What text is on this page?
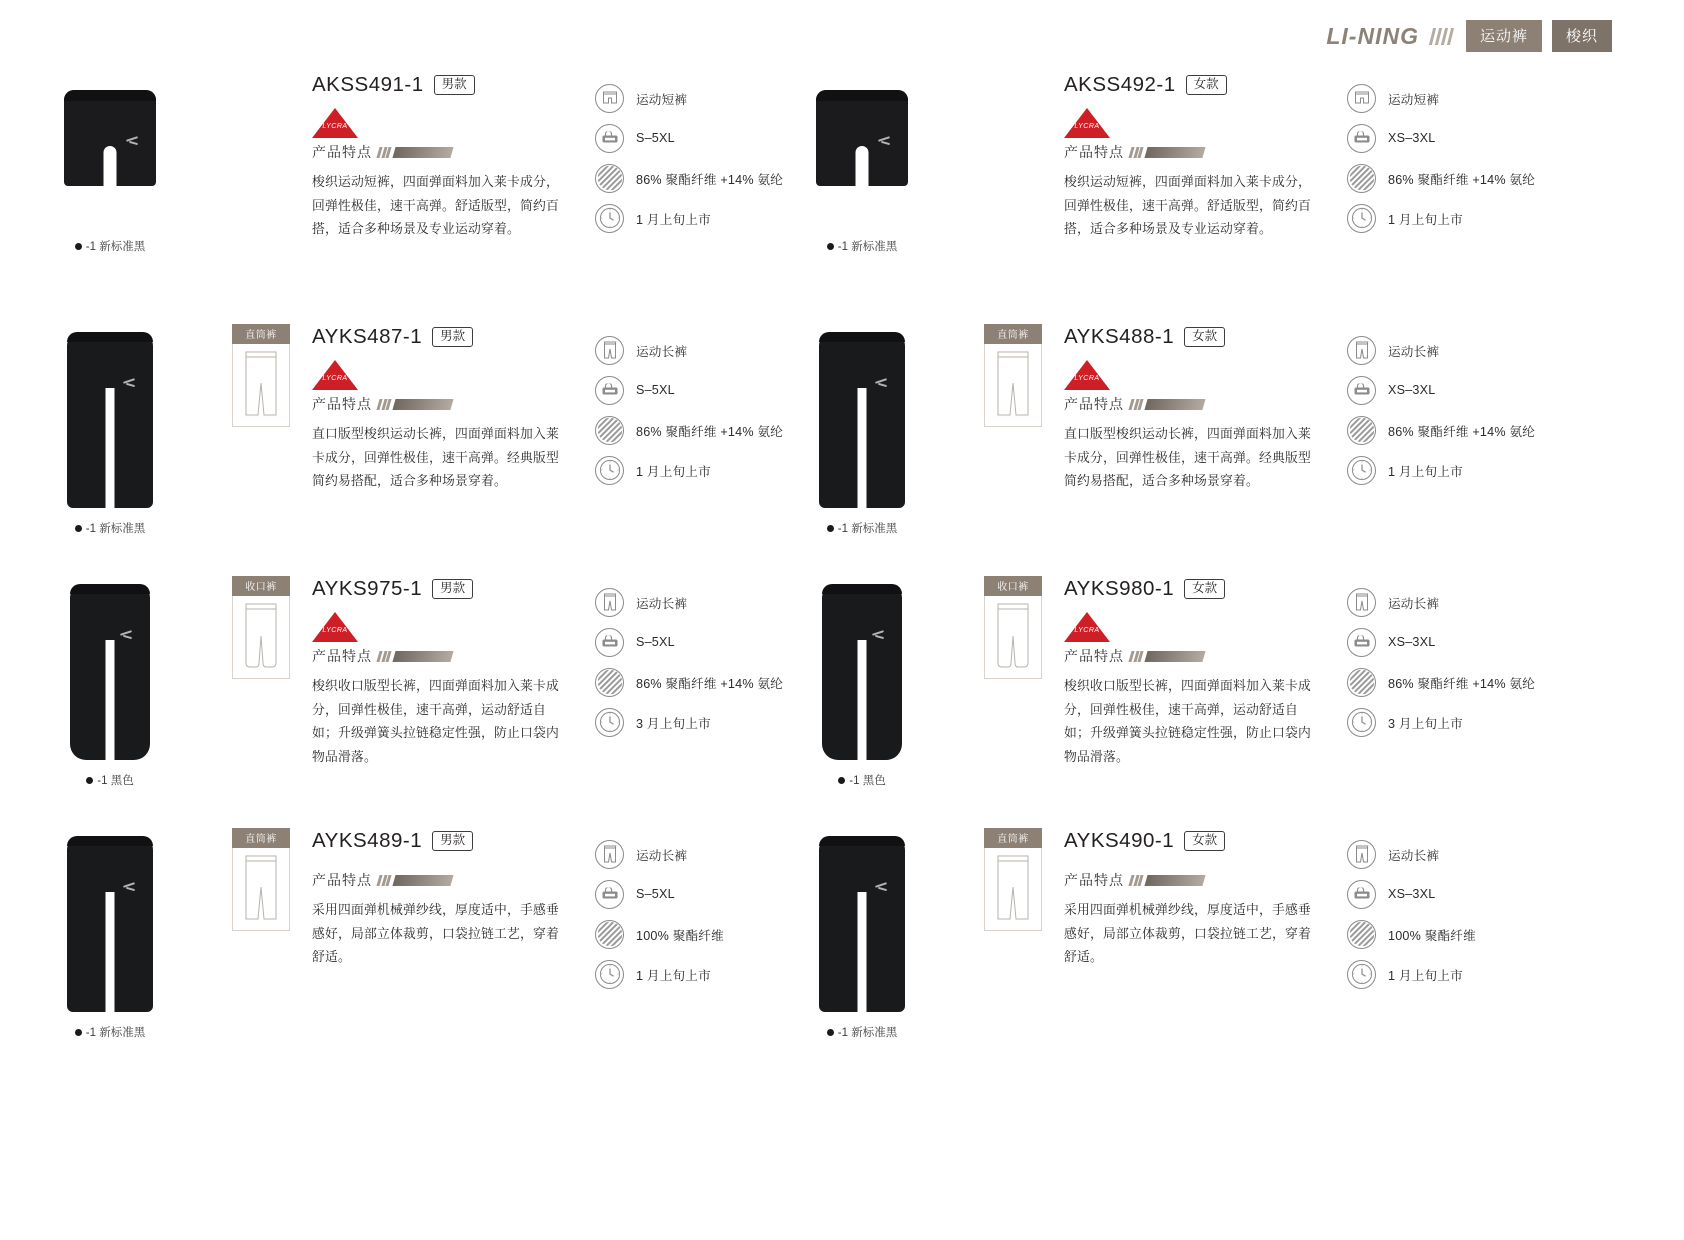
LI-NING	运动裤	梭织
-1 新标准黑
AKSS491-1	男款
LYCRA
产品特点
梭织运动短裤，四面弹面料加入莱卡成分，回弹性极佳，速干高弹。舒适版型，简约百搭，适合多种场景及专业运动穿着。
运动短裤
S–5XL
86% 聚酯纤维 +14% 氨纶
1 月上旬上市
-1 新标准黑
AKSS492-1	女款
LYCRA
产品特点
梭织运动短裤，四面弹面料加入莱卡成分，回弹性极佳，速干高弹。舒适版型，简约百搭，适合多种场景及专业运动穿着。
运动短裤
XS–3XL
86% 聚酯纤维 +14% 氨纶
1 月上旬上市
-1 新标准黑
直筒裤	AYKS487-1	男款
LYCRA
产品特点
直口版型梭织运动长裤，四面弹面料加入莱卡成分，回弹性极佳，速干高弹。经典版型简约易搭配，适合多种场景穿着。
运动长裤
S–5XL
86% 聚酯纤维 +14% 氨纶
1 月上旬上市
-1 新标准黑
直筒裤	AYKS488-1	女款
LYCRA
产品特点
直口版型梭织运动长裤，四面弹面料加入莱卡成分，回弹性极佳，速干高弹。经典版型简约易搭配，适合多种场景穿着。
运动长裤
XS–3XL
86% 聚酯纤维 +14% 氨纶
1 月上旬上市
-1 黑色
收口裤	AYKS975-1	男款
LYCRA
产品特点
梭织收口版型长裤，四面弹面料加入莱卡成分，回弹性极佳，速干高弹，运动舒适自如；升级弹簧头拉链稳定性强，防止口袋内物品滑落。
运动长裤
S–5XL
86% 聚酯纤维 +14% 氨纶
3 月上旬上市
-1 黑色
收口裤	AYKS980-1	女款
LYCRA
产品特点
梭织收口版型长裤，四面弹面料加入莱卡成分，回弹性极佳，速干高弹，运动舒适自如；升级弹簧头拉链稳定性强，防止口袋内物品滑落。
运动长裤
XS–3XL
86% 聚酯纤维 +14% 氨纶
3 月上旬上市
-1 新标准黑
直筒裤	AYKS489-1	男款
产品特点
采用四面弹机械弹纱线，厚度适中，手感垂感好，局部立体裁剪，口袋拉链工艺，穿着舒适。
运动长裤
S–5XL
100% 聚酯纤维
1 月上旬上市
-1 新标准黑
直筒裤	AYKS490-1	女款
产品特点
采用四面弹机械弹纱线，厚度适中，手感垂感好，局部立体裁剪，口袋拉链工艺，穿着舒适。
运动长裤
XS–3XL
100% 聚酯纤维
1 月上旬上市
